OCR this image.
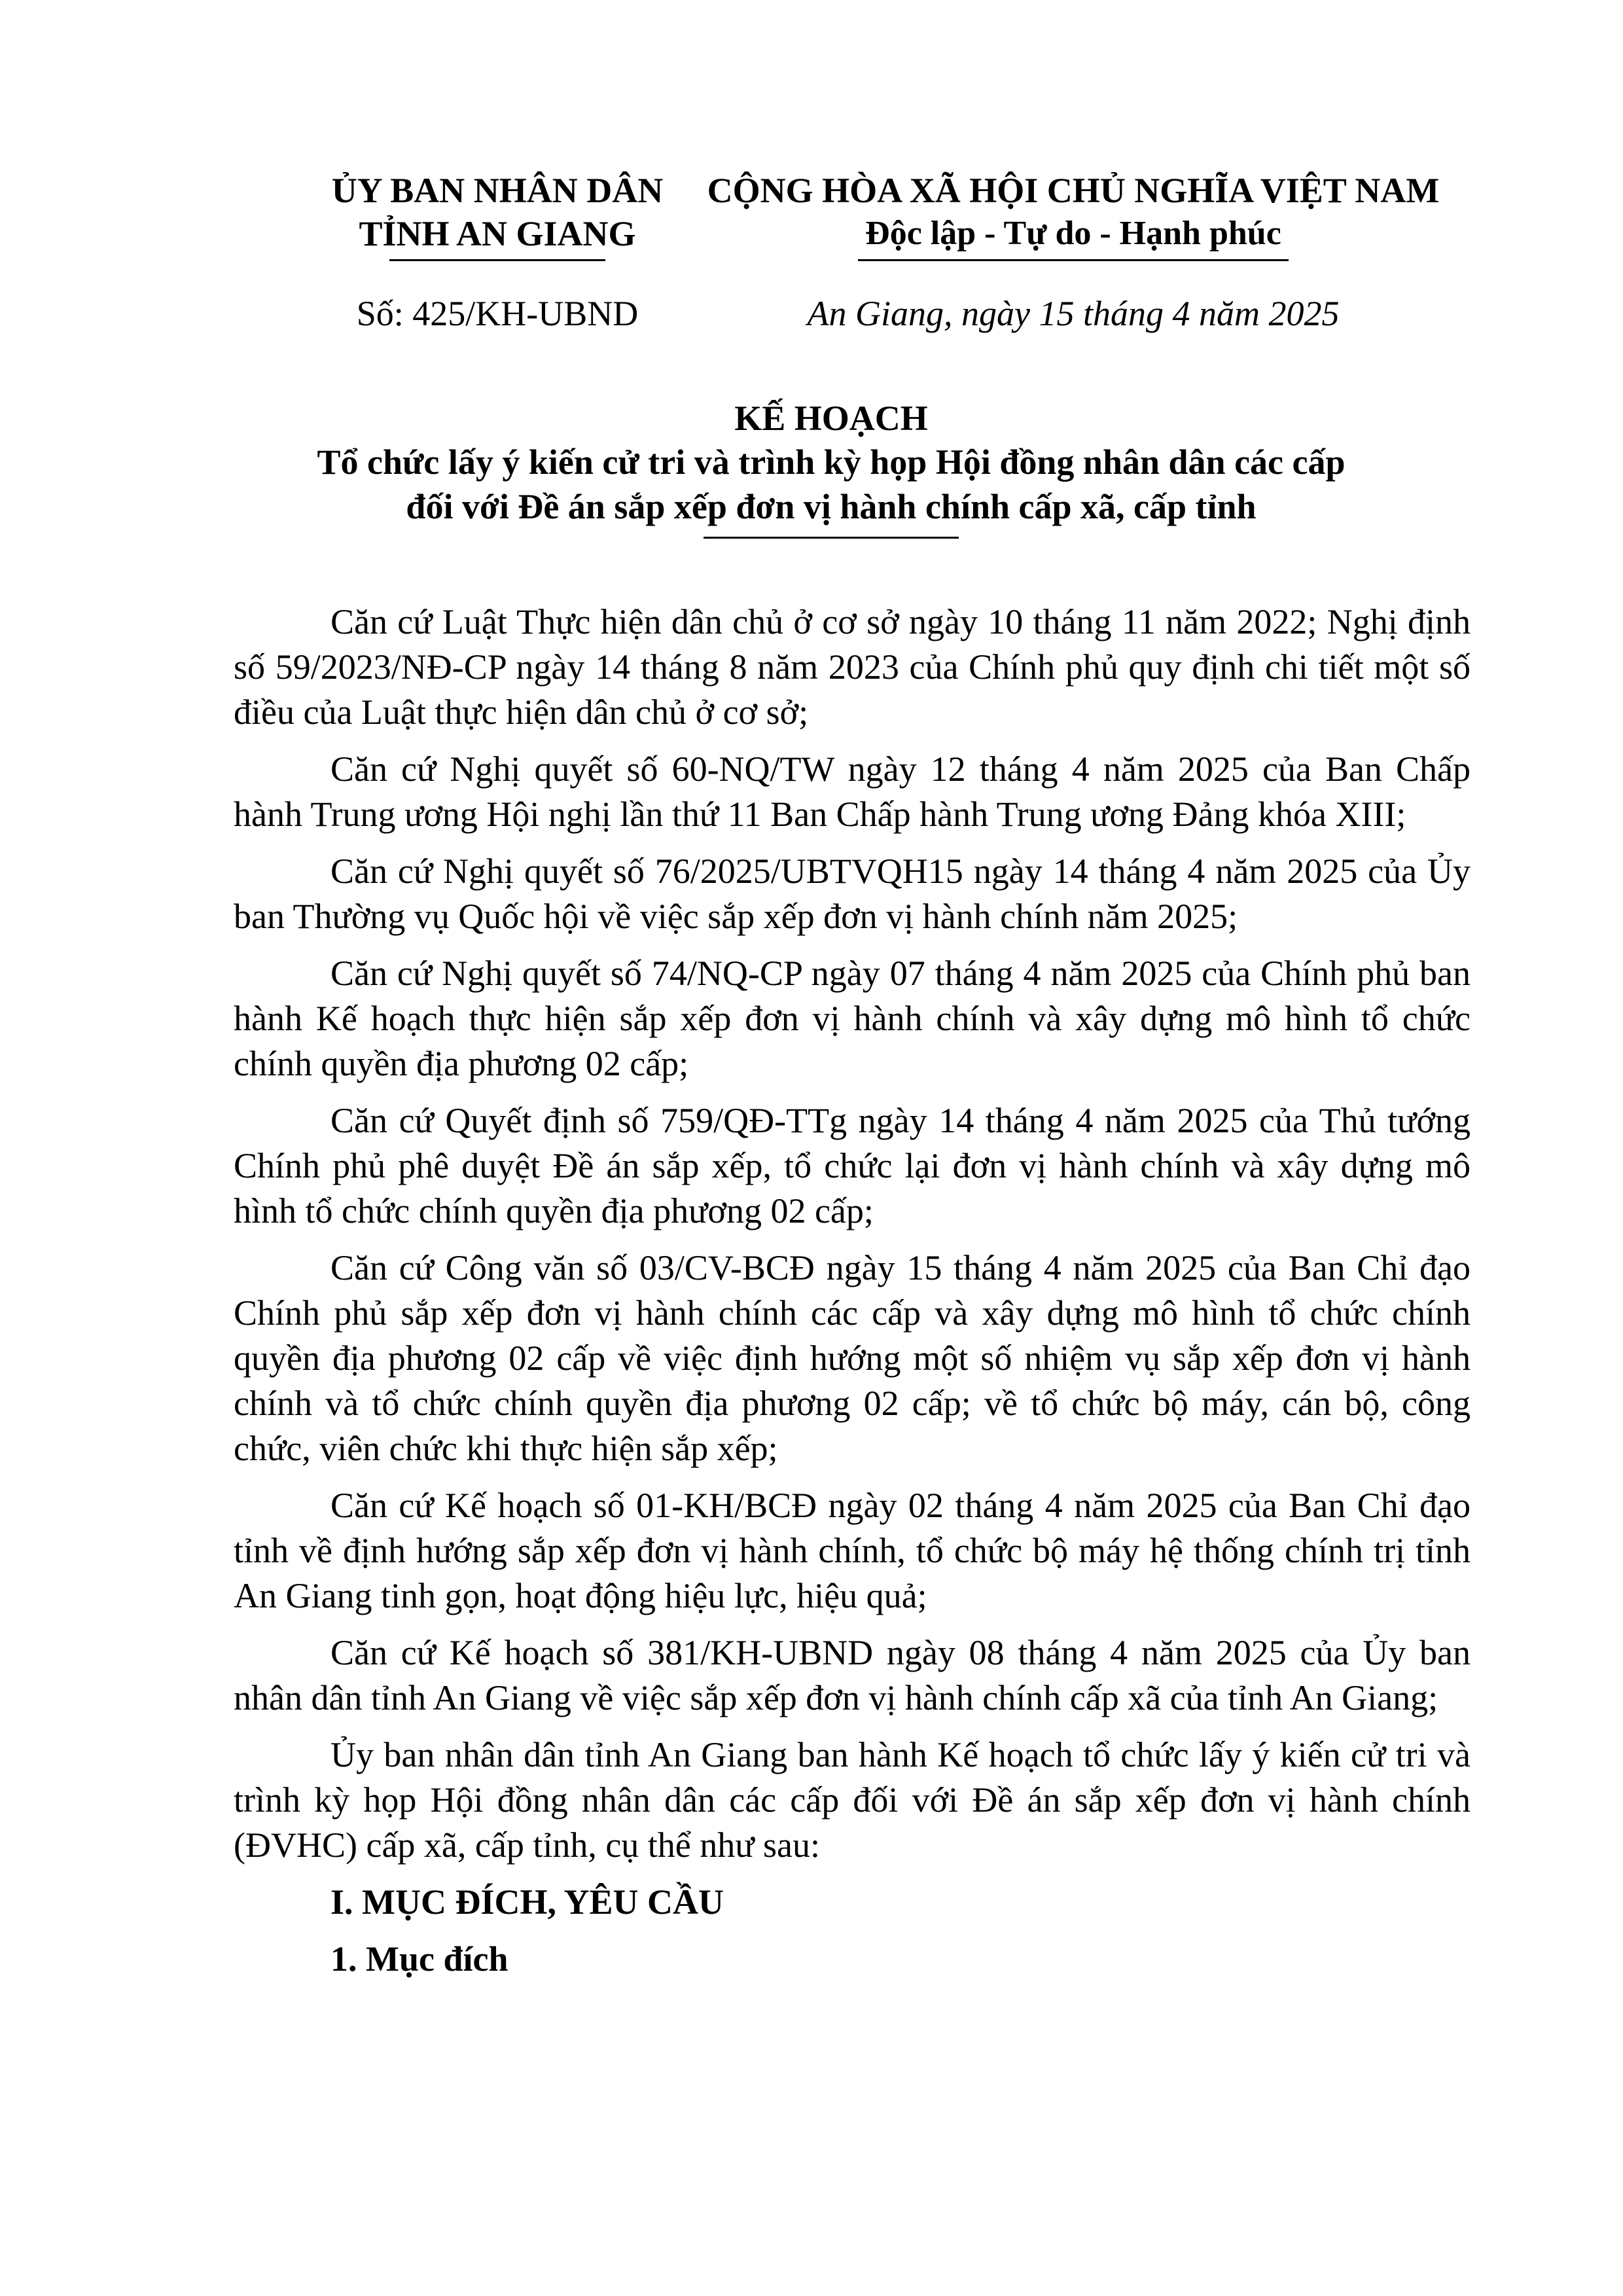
ỦY BAN NHÂN DÂN
TỈNH AN GIANG
CỘNG HÒA XÃ HỘI CHỦ NGHĨA VIỆT NAM
Độc lập - Tự do - Hạnh phúc
Số: 425/KH-UBND	An Giang, ngày 15 tháng 4 năm 2025
KẾ HOẠCH
Tổ chức lấy ý kiến cử tri và trình kỳ họp Hội đồng nhân dân các cấp
đối với Đề án sắp xếp đơn vị hành chính cấp xã, cấp tỉnh

Căn cứ Luật Thực hiện dân chủ ở cơ sở ngày 10 tháng 11 năm 2022; Nghị định số 59/2023/NĐ-CP ngày 14 tháng 8 năm 2023 của Chính phủ quy định chi tiết một số điều của Luật thực hiện dân chủ ở cơ sở;

Căn cứ Nghị quyết số 60-NQ/TW ngày 12 tháng 4 năm 2025 của Ban Chấp hành Trung ương Hội nghị lần thứ 11 Ban Chấp hành Trung ương Đảng khóa XIII;

Căn cứ Nghị quyết số 76/2025/UBTVQH15 ngày 14 tháng 4 năm 2025 của Ủy ban Thường vụ Quốc hội về việc sắp xếp đơn vị hành chính năm 2025;

Căn cứ Nghị quyết số 74/NQ-CP ngày 07 tháng 4 năm 2025 của Chính phủ ban hành Kế hoạch thực hiện sắp xếp đơn vị hành chính và xây dựng mô hình tổ chức chính quyền địa phương 02 cấp;

Căn cứ Quyết định số 759/QĐ-TTg ngày 14 tháng 4 năm 2025 của Thủ tướng Chính phủ phê duyệt Đề án sắp xếp, tổ chức lại đơn vị hành chính và xây dựng mô hình tổ chức chính quyền địa phương 02 cấp;

Căn cứ Công văn số 03/CV-BCĐ ngày 15 tháng 4 năm 2025 của Ban Chỉ đạo Chính phủ sắp xếp đơn vị hành chính các cấp và xây dựng mô hình tổ chức chính quyền địa phương 02 cấp về việc định hướng một số nhiệm vụ sắp xếp đơn vị hành chính và tổ chức chính quyền địa phương 02 cấp; về tổ chức bộ máy, cán bộ, công chức, viên chức khi thực hiện sắp xếp;

Căn cứ Kế hoạch số 01-KH/BCĐ ngày 02 tháng 4 năm 2025 của Ban Chỉ đạo tỉnh về định hướng sắp xếp đơn vị hành chính, tổ chức bộ máy hệ thống chính trị tỉnh An Giang tinh gọn, hoạt động hiệu lực, hiệu quả;

Căn cứ Kế hoạch số 381/KH-UBND ngày 08 tháng 4 năm 2025 của Ủy ban nhân dân tỉnh An Giang về việc sắp xếp đơn vị hành chính cấp xã của tỉnh An Giang;

Ủy ban nhân dân tỉnh An Giang ban hành Kế hoạch tổ chức lấy ý kiến cử tri và trình kỳ họp Hội đồng nhân dân các cấp đối với Đề án sắp xếp đơn vị hành chính (ĐVHC) cấp xã, cấp tỉnh, cụ thể như sau:

I. MỤC ĐÍCH, YÊU CẦU
1. Mục đích
